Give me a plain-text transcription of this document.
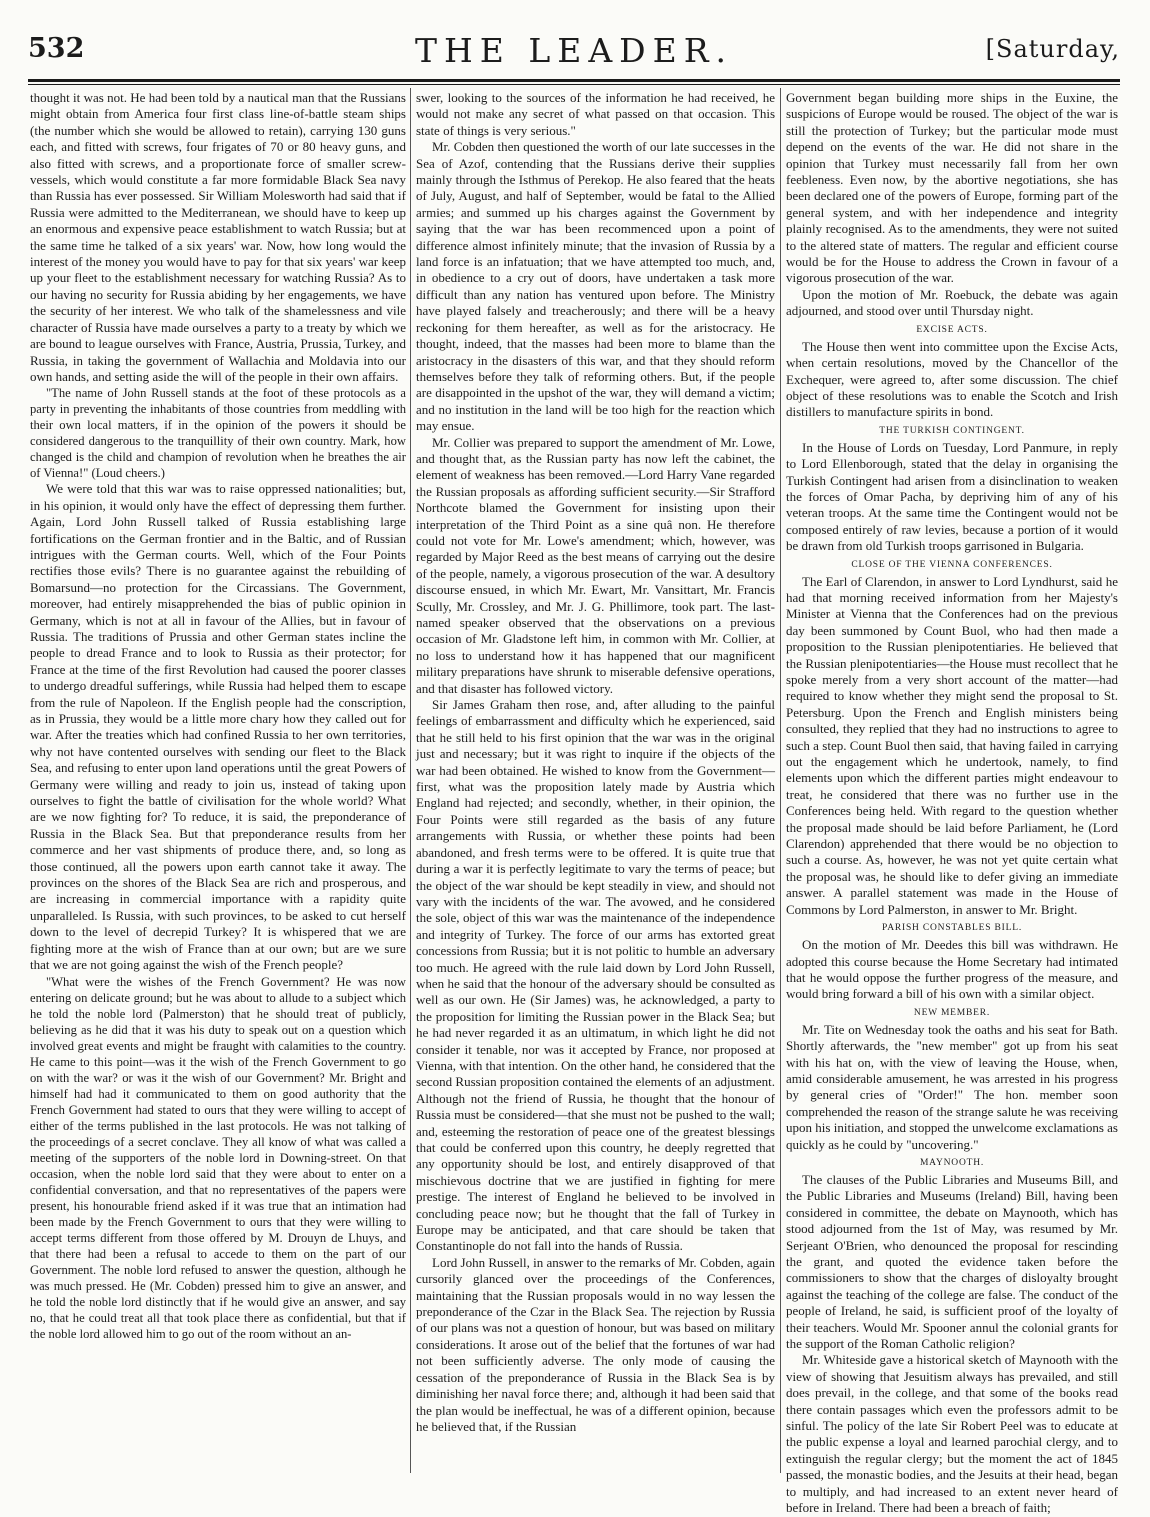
THE LEADER.
532	[Saturday,

thought it was not. He had been told by a nautical man that the Russians might obtain from America four first class line-of-battle steam ships (the number which she would be allowed to retain), carrying 130 guns each, and fitted with screws, four frigates of 70 or 80 heavy guns, and also fitted with screws, and a proportionate force of smaller screw-vessels, which would constitute a far more formidable Black Sea navy than Russia has ever possessed. Sir William Molesworth had said that if Russia were admitted to the Mediterranean, we should have to keep up an enormous and expensive peace establishment to watch Russia; but at the same time he talked of a six years' war. Now, how long would the interest of the money you would have to pay for that six years' war keep up your fleet to the establishment necessary for watching Russia? As to our having no security for Russia abiding by her engagements, we have the security of her interest. We who talk of the shamelessness and vile character of Russia have made ourselves a party to a treaty by which we are bound to league ourselves with France, Austria, Prussia, Turkey, and Russia, in taking the government of Wallachia and Moldavia into our own hands, and setting aside the will of the people in their own affairs.

"The name of John Russell stands at the foot of these protocols as a party in preventing the inhabitants of those countries from meddling with their own local matters, if in the opinion of the powers it should be considered dangerous to the tranquillity of their own country. Mark, how changed is the child and champion of revolution when he breathes the air of Vienna!" (Loud cheers.)

We were told that this war was to raise oppressed nationalities; but, in his opinion, it would only have the effect of depressing them further. Again, Lord John Russell talked of Russia establishing large fortifications on the German frontier and in the Baltic, and of Russian intrigues with the German courts. Well, which of the Four Points rectifies those evils? There is no guarantee against the rebuilding of Bomarsund—no protection for the Circassians. The Government, moreover, had entirely misapprehended the bias of public opinion in Germany, which is not at all in favour of the Allies, but in favour of Russia. The traditions of Prussia and other German states incline the people to dread France and to look to Russia as their protector; for France at the time of the first Revolution had caused the poorer classes to undergo dreadful sufferings, while Russia had helped them to escape from the rule of Napoleon. If the English people had the conscription, as in Prussia, they would be a little more chary how they called out for war. After the treaties which had confined Russia to her own territories, why not have contented ourselves with sending our fleet to the Black Sea, and refusing to enter upon land operations until the great Powers of Germany were willing and ready to join us, instead of taking upon ourselves to fight the battle of civilisation for the whole world? What are we now fighting for? To reduce, it is said, the preponderance of Russia in the Black Sea. But that preponderance results from her commerce and her vast shipments of produce there, and, so long as those continued, all the powers upon earth cannot take it away. The provinces on the shores of the Black Sea are rich and prosperous, and are increasing in commercial importance with a rapidity quite unparalleled. Is Russia, with such provinces, to be asked to cut herself down to the level of decrepid Turkey? It is whispered that we are fighting more at the wish of France than at our own; but are we sure that we are not going against the wish of the French people?

"What were the wishes of the French Government? He was now entering on delicate ground; but he was about to allude to a subject which he told the noble lord (Palmerston) that he should treat of publicly, believing as he did that it was his duty to speak out on a question which involved great events and might be fraught with calamities to the country. He came to this point—was it the wish of the French Government to go on with the war? or was it the wish of our Government? Mr. Bright and himself had had it communicated to them on good authority that the French Government had stated to ours that they were willing to accept of either of the terms published in the last protocols. He was not talking of the proceedings of a secret conclave. They all know of what was called a meeting of the supporters of the noble lord in Downing-street. On that occasion, when the noble lord said that they were about to enter on a confidential conversation, and that no representatives of the papers were present, his honourable friend asked if it was true that an intimation had been made by the French Government to ours that they were willing to accept terms different from those offered by M. Drouyn de Lhuys, and that there had been a refusal to accede to them on the part of our Government. The noble lord refused to answer the question, although he was much pressed. He (Mr. Cobden) pressed him to give an answer, and he told the noble lord distinctly that if he would give an answer, and say no, that he could treat all that took place there as confidential, but that if the noble lord allowed him to go out of the room without an an-

swer, looking to the sources of the information he had received, he would not make any secret of what passed on that occasion. This state of things is very serious."

Mr. Cobden then questioned the worth of our late successes in the Sea of Azof, contending that the Russians derive their supplies mainly through the Isthmus of Perekop. He also feared that the heats of July, August, and half of September, would be fatal to the Allied armies; and summed up his charges against the Government by saying that the war has been recommenced upon a point of difference almost infinitely minute; that the invasion of Russia by a land force is an infatuation; that we have attempted too much, and, in obedience to a cry out of doors, have undertaken a task more difficult than any nation has ventured upon before. The Ministry have played falsely and treacherously; and there will be a heavy reckoning for them hereafter, as well as for the aristocracy. He thought, indeed, that the masses had been more to blame than the aristocracy in the disasters of this war, and that they should reform themselves before they talk of reforming others. But, if the people are disappointed in the upshot of the war, they will demand a victim; and no institution in the land will be too high for the reaction which may ensue.

Mr. Collier was prepared to support the amendment of Mr. Lowe, and thought that, as the Russian party has now left the cabinet, the element of weakness has been removed.—Lord Harry Vane regarded the Russian proposals as affording sufficient security.—Sir Strafford Northcote blamed the Government for insisting upon their interpretation of the Third Point as a sine quâ non. He therefore could not vote for Mr. Lowe's amendment; which, however, was regarded by Major Reed as the best means of carrying out the desire of the people, namely, a vigorous prosecution of the war. A desultory discourse ensued, in which Mr. Ewart, Mr. Vansittart, Mr. Francis Scully, Mr. Crossley, and Mr. J. G. Phillimore, took part. The last-named speaker observed that the observations on a previous occasion of Mr. Gladstone left him, in common with Mr. Collier, at no loss to understand how it has happened that our magnificent military preparations have shrunk to miserable defensive operations, and that disaster has followed victory.

Sir James Graham then rose, and, after alluding to the painful feelings of embarrassment and difficulty which he experienced, said that he still held to his first opinion that the war was in the original just and necessary; but it was right to inquire if the objects of the war had been obtained. He wished to know from the Government—first, what was the proposition lately made by Austria which England had rejected; and secondly, whether, in their opinion, the Four Points were still regarded as the basis of any future arrangements with Russia, or whether these points had been abandoned, and fresh terms were to be offered. It is quite true that during a war it is perfectly legitimate to vary the terms of peace; but the object of the war should be kept steadily in view, and should not vary with the incidents of the war. The avowed, and he considered the sole, object of this war was the maintenance of the independence and integrity of Turkey. The force of our arms has extorted great concessions from Russia; but it is not politic to humble an adversary too much. He agreed with the rule laid down by Lord John Russell, when he said that the honour of the adversary should be consulted as well as our own. He (Sir James) was, he acknowledged, a party to the proposition for limiting the Russian power in the Black Sea; but he had never regarded it as an ultimatum, in which light he did not consider it tenable, nor was it accepted by France, nor proposed at Vienna, with that intention. On the other hand, he considered that the second Russian proposition contained the elements of an adjustment. Although not the friend of Russia, he thought that the honour of Russia must be considered—that she must not be pushed to the wall; and, esteeming the restoration of peace one of the greatest blessings that could be conferred upon this country, he deeply regretted that any opportunity should be lost, and entirely disapproved of that mischievous doctrine that we are justified in fighting for mere prestige. The interest of England he believed to be involved in concluding peace now; but he thought that the fall of Turkey in Europe may be anticipated, and that care should be taken that Constantinople do not fall into the hands of Russia.

Lord John Russell, in answer to the remarks of Mr. Cobden, again cursorily glanced over the proceedings of the Conferences, maintaining that the Russian proposals would in no way lessen the preponderance of the Czar in the Black Sea. The rejection by Russia of our plans was not a question of honour, but was based on military considerations. It arose out of the belief that the fortunes of war had not been sufficiently adverse. The only mode of causing the cessation of the preponderance of Russia in the Black Sea is by diminishing her naval force there; and, although it had been said that the plan would be ineffectual, he was of a different opinion, because he believed that, if the Russian

Government began building more ships in the Euxine, the suspicions of Europe would be roused. The object of the war is still the protection of Turkey; but the particular mode must depend on the events of the war. He did not share in the opinion that Turkey must necessarily fall from her own feebleness. Even now, by the abortive negotiations, she has been declared one of the powers of Europe, forming part of the general system, and with her independence and integrity plainly recognised. As to the amendments, they were not suited to the altered state of matters. The regular and efficient course would be for the House to address the Crown in favour of a vigorous prosecution of the war.

Upon the motion of Mr. Roebuck, the debate was again adjourned, and stood over until Thursday night.

EXCISE ACTS.

The House then went into committee upon the Excise Acts, when certain resolutions, moved by the Chancellor of the Exchequer, were agreed to, after some discussion. The chief object of these resolutions was to enable the Scotch and Irish distillers to manufacture spirits in bond.

THE TURKISH CONTINGENT.

In the House of Lords on Tuesday, Lord Panmure, in reply to Lord Ellenborough, stated that the delay in organising the Turkish Contingent had arisen from a disinclination to weaken the forces of Omar Pacha, by depriving him of any of his veteran troops. At the same time the Contingent would not be composed entirely of raw levies, because a portion of it would be drawn from old Turkish troops garrisoned in Bulgaria.

CLOSE OF THE VIENNA CONFERENCES.

The Earl of Clarendon, in answer to Lord Lyndhurst, said he had that morning received information from her Majesty's Minister at Vienna that the Conferences had on the previous day been summoned by Count Buol, who had then made a proposition to the Russian plenipotentiaries. He believed that the Russian plenipotentiaries—the House must recollect that he spoke merely from a very short account of the matter—had required to know whether they might send the proposal to St. Petersburg. Upon the French and English ministers being consulted, they replied that they had no instructions to agree to such a step. Count Buol then said, that having failed in carrying out the engagement which he undertook, namely, to find elements upon which the different parties might endeavour to treat, he considered that there was no further use in the Conferences being held. With regard to the question whether the proposal made should be laid before Parliament, he (Lord Clarendon) apprehended that there would be no objection to such a course. As, however, he was not yet quite certain what the proposal was, he should like to defer giving an immediate answer. A parallel statement was made in the House of Commons by Lord Palmerston, in answer to Mr. Bright.

PARISH CONSTABLES BILL.

On the motion of Mr. Deedes this bill was withdrawn. He adopted this course because the Home Secretary had intimated that he would oppose the further progress of the measure, and would bring forward a bill of his own with a similar object.

NEW MEMBER.

Mr. Tite on Wednesday took the oaths and his seat for Bath. Shortly afterwards, the "new member" got up from his seat with his hat on, with the view of leaving the House, when, amid considerable amusement, he was arrested in his progress by general cries of "Order!" The hon. member soon comprehended the reason of the strange salute he was receiving upon his initiation, and stopped the unwelcome exclamations as quickly as he could by "uncovering."

MAYNOOTH.

The clauses of the Public Libraries and Museums Bill, and the Public Libraries and Museums (Ireland) Bill, having been considered in committee, the debate on Maynooth, which has stood adjourned from the 1st of May, was resumed by Mr. Serjeant O'Brien, who denounced the proposal for rescinding the grant, and quoted the evidence taken before the commissioners to show that the charges of disloyalty brought against the teaching of the college are false. The conduct of the people of Ireland, he said, is sufficient proof of the loyalty of their teachers. Would Mr. Spooner annul the colonial grants for the support of the Roman Catholic religion?

Mr. Whiteside gave a historical sketch of Maynooth with the view of showing that Jesuitism always has prevailed, and still does prevail, in the college, and that some of the books read there contain passages which even the professors admit to be sinful. The policy of the late Sir Robert Peel was to educate at the public expense a loyal and learned parochial clergy, and to extinguish the regular clergy; but the moment the act of 1845 passed, the monastic bodies, and the Jesuits at their head, began to multiply, and had increased to an extent never heard of before in Ireland. There had been a breach of faith;
